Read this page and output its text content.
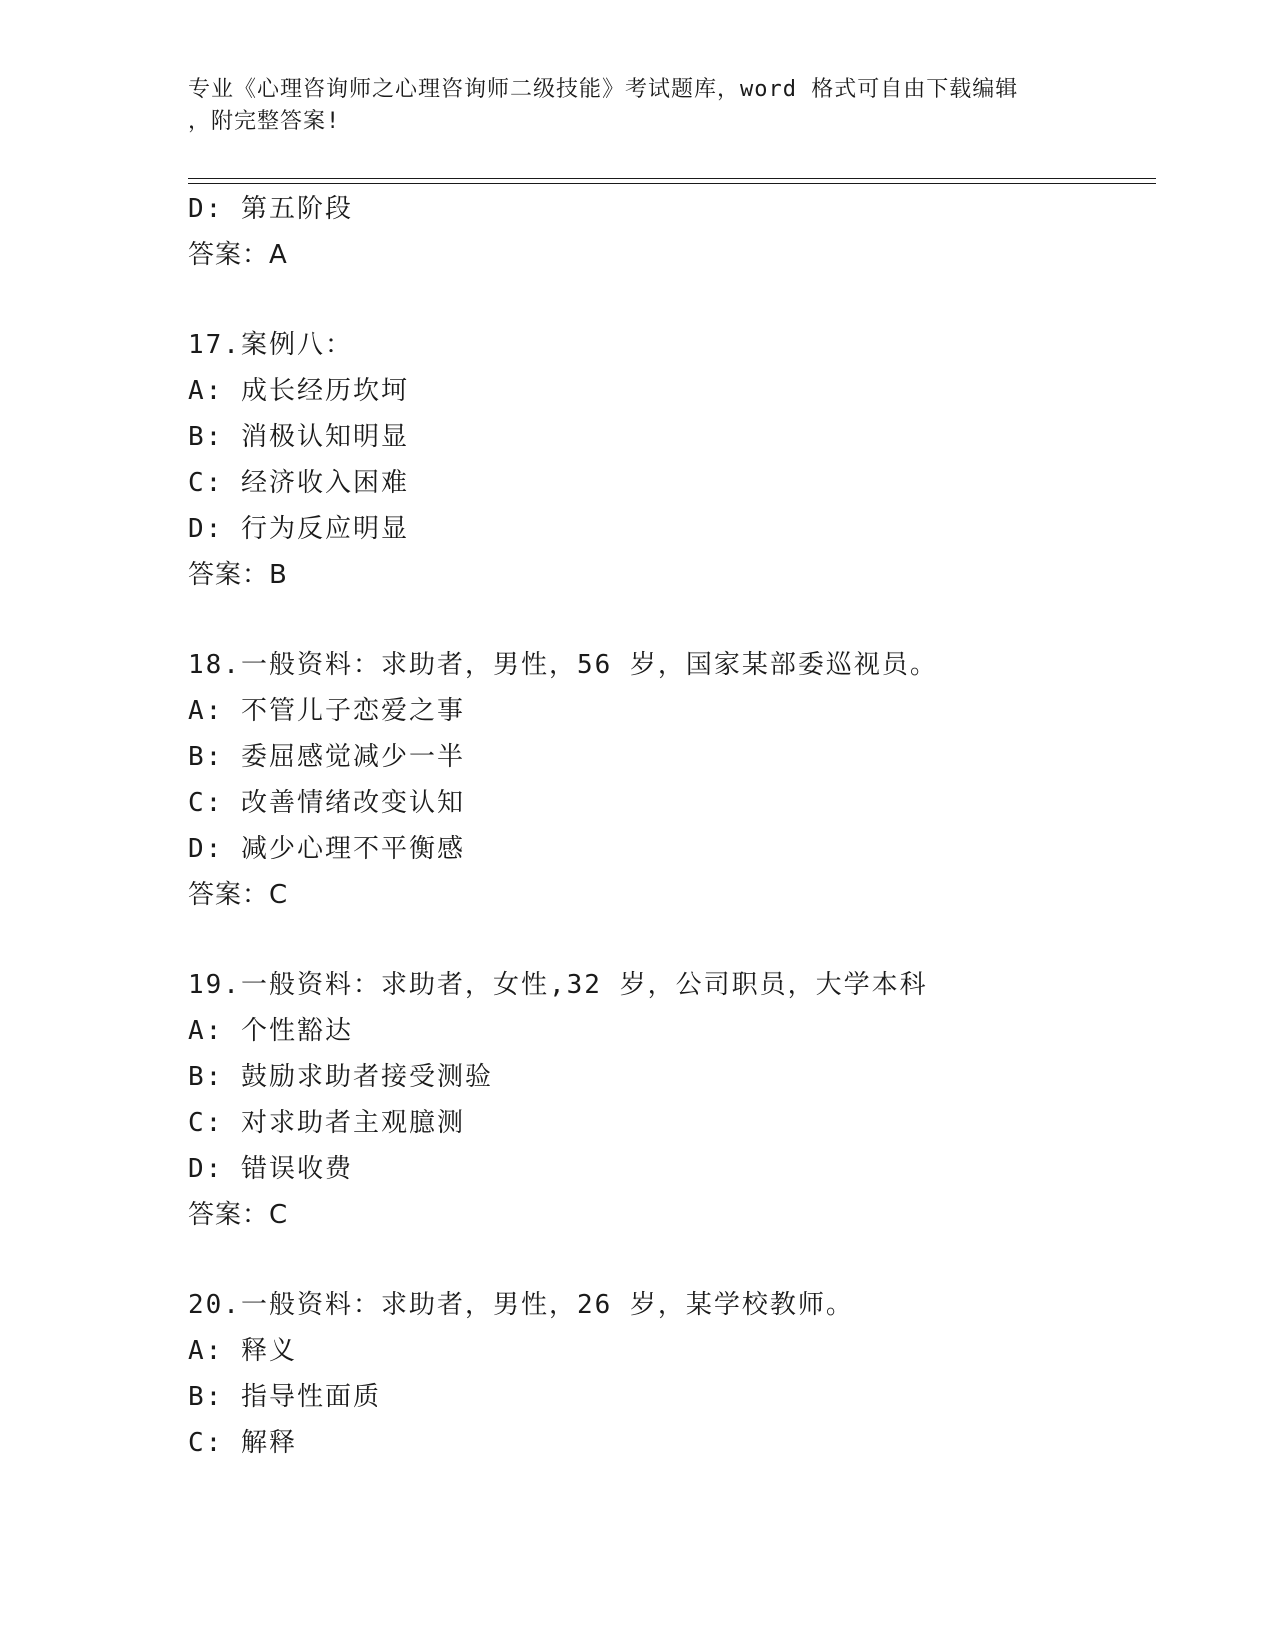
专业《心理咨询师之心理咨询师二级技能》考试题库，word 格式可自由下载编辑
，附完整答案!
D: 第五阶段
答案：A
17.案例八：
A: 成长经历坎坷
B: 消极认知明显
C: 经济收入困难
D: 行为反应明显
答案：B
18.一般资料：求助者，男性，56 岁，国家某部委巡视员。
A: 不管儿子恋爱之事
B: 委屈感觉减少一半
C: 改善情绪改变认知
D: 减少心理不平衡感
答案：C
19.一般资料：求助者，女性,32 岁，公司职员，大学本科
A: 个性豁达
B: 鼓励求助者接受测验
C: 对求助者主观臆测
D: 错误收费
答案：C
20.一般资料：求助者，男性，26 岁，某学校教师。
A: 释义
B: 指导性面质
C: 解释
